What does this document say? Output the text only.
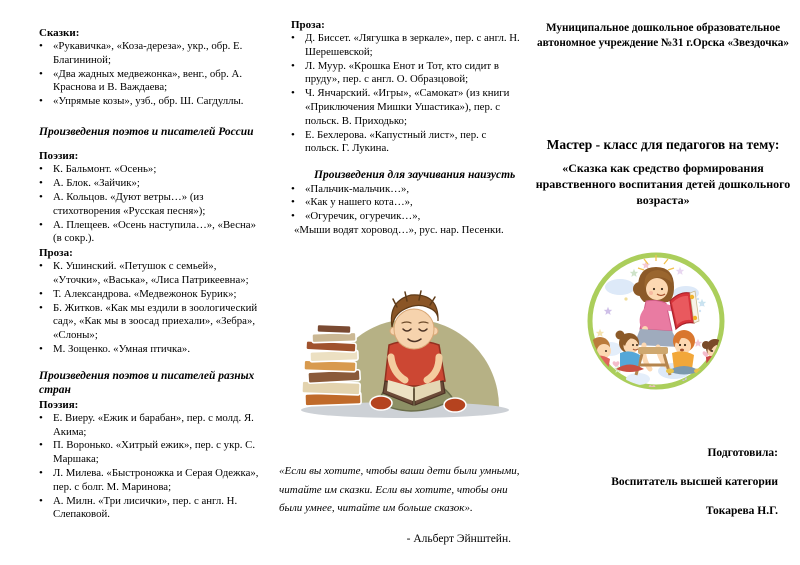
Сказки:
• «Рукавичка», «Коза-дереза», укр., обр. Е. Благининой;
• «Два жадных медвежонка», венг., обр. А. Краснова и В. Важдаева;
• «Упрямые козы», узб., обр. Ш. Сагдуллы.
Произведения поэтов и писателей России
Поэзия:
• К. Бальмонт. «Осень»;
• А. Блок. «Зайчик»;
• А. Кольцов. «Дуют ветры…» (из стихотворения «Русская песня»);
• А. Плещеев. «Осень наступила…», «Весна» (в сокр.).
Проза:
• К. Ушинский. «Петушок с семьей», «Уточки», «Васька», «Лиса Патрикеевна»;
• Т. Александрова. «Медвежонок Бурик»;
• Б. Житков. «Как мы ездили в зоологический сад», «Как мы в зоосад приехали», «Зебра», «Слоны»;
• М. Зощенко. «Умная птичка».
Произведения поэтов и писателей разных стран
Поэзия:
• Е. Виеру. «Ежик и барабан», пер. с молд. Я. Акима;
• П. Воронько. «Хитрый ежик», пер. с укр. С. Маршака;
• Л. Милева. «Быстроножка и Серая Одежка», пер. с болг. М. Маринова;
• А. Милн. «Три лисички», пер. с англ. Н. Слепаковой.
Проза:
• Д. Биссет. «Лягушка в зеркале», пер. с англ. Н. Шерешевской;
• Л. Муур. «Крошка Енот и Тот, кто сидит в пруду», пер. с англ. О. Образцовой;
• Ч. Янчарский. «Игры», «Самокат» (из книги «Приключения Мишки Ушастика»), пер. с польск. В. Приходько;
• Е. Бехлерова. «Капустный лист», пер. с польск. Г. Лукина.
Произведения для заучивания наизусть
• «Пальчик-мальчик…»,
• «Как у нашего кота…»,
• «Огуречик, огуречик…»,
«Мыши водят хоровод…», рус. нар. Песенки.
«Если вы хотите, чтобы ваши дети были умными, читайте им сказки. Если вы хотите, чтобы они были умнее, читайте им больше сказок».
- Альберт Эйнштейн.
Муниципальное дошкольное образовательное автономное учреждение №31 г.Орска «Звездочка»
Мастер - класс для педагогов на тему:
«Сказка как средство формирования нравственного воспитания детей дошкольного возраста»
Подготовила:
Воспитатель высшей категории
Токарева Н.Г.
